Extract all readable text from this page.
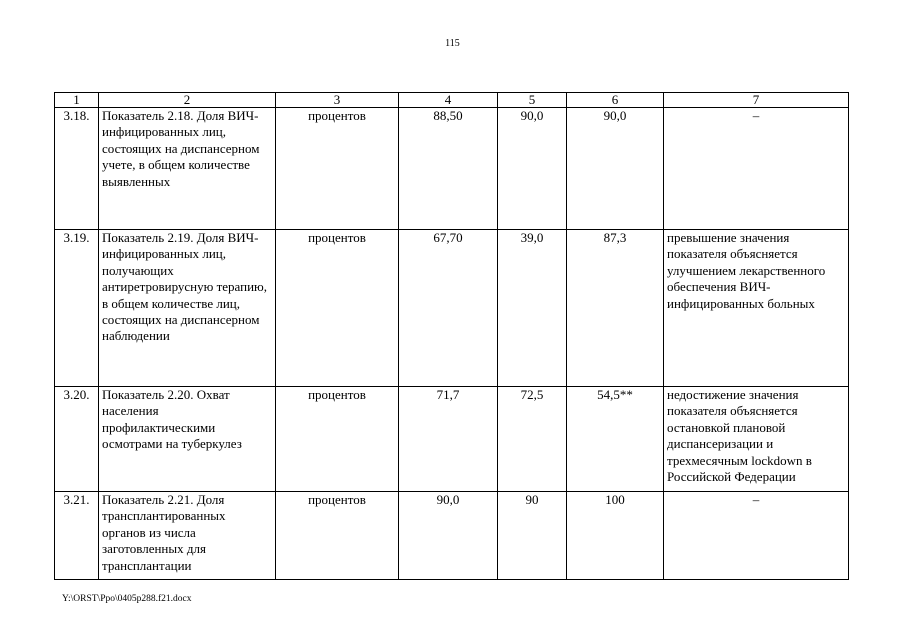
115
1	2	3	4	5	6	7
3.18.	Показатель 2.18. Доля ВИЧ-инфицированных лиц, состоящих на диспансерном учете, в общем количестве выявленных	процентов	88,50	90,0	90,0	–
3.19.	Показатель 2.19. Доля ВИЧ-инфицированных лиц, получающих антиретровирусную терапию, в общем количестве лиц, состоящих на диспансерном наблюдении	процентов	67,70	39,0	87,3	превышение значения показателя объясняется улучшением лекарственного обеспечения ВИЧ-инфицированных больных
3.20.	Показатель 2.20. Охват населения профилактическими осмотрами на туберкулез	процентов	71,7	72,5	54,5**	недостижение значения показателя объясняется остановкой плановой диспансеризации и трехмесячным lockdown в Российской Федерации
3.21.	Показатель 2.21. Доля трансплантированных органов из числа заготовленных для трансплантации	процентов	90,0	90	100	–
Y:\ORST\Ppo\0405p288.f21.docx
